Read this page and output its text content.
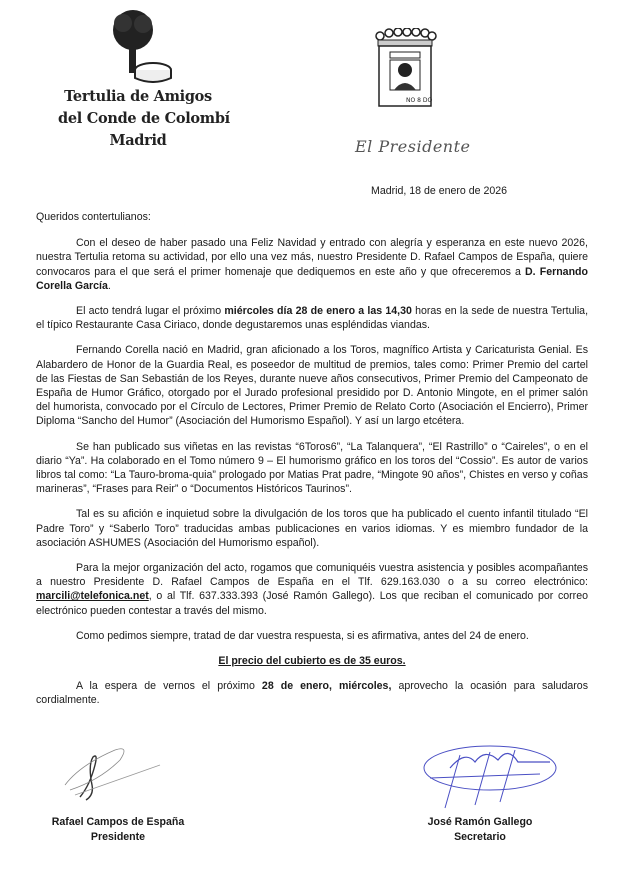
Tertulia de Amigos
del Conde de Colombí
Madrid
NO 8 DO
El Presidente
Madrid, 18 de enero de 2026

Queridos contertulianos:

Con el deseo de haber pasado una Feliz Navidad y entrado con alegría y esperanza en este nuevo 2026, nuestra Tertulia retoma su actividad, por ello una vez más, nuestro Presidente D. Rafael Campos de España, quiere convocaros para el que será el primer homenaje que dediquemos en este año y que ofreceremos a D. Fernando Corella García.

El acto tendrá lugar el próximo miércoles día 28 de enero a las 14,30 horas en la sede de nuestra Tertulia, el típico Restaurante Casa Ciriaco, donde degustaremos unas espléndidas viandas.

Fernando Corella nació en Madrid, gran aficionado a los Toros, magnífico Artista y Caricaturista Genial. Es Alabardero de Honor de la Guardia Real, es poseedor de multitud de premios, tales como: Primer Premio del cartel de las Fiestas de San Sebastián de los Reyes, durante nueve años consecutivos, Primer Premio del Campeonato de España de Humor Gráfico, otorgado por el Jurado profesional presidido por D. Antonio Mingote, en el primer salón del humorista, convocado por el Círculo de Lectores, Primer Premio de Relato Corto (Asociación el Encierro), Primer Diploma “Sancho del Humor” (Asociación del Humorismo Español). Y así un largo etcétera.

Se han publicado sus viñetas en las revistas “6Toros6”, “La Talanquera”, “El Rastrillo” o “Caireles”, o en el diario “Ya”. Ha colaborado en el Tomo número 9 – El humorismo gráfico en los toros del “Cossio”. Es autor de varios libros tal como: “La Tauro-broma-quia” prologado por Matias Prat padre, “Mingote 90 años”, Chistes en verso y coñas marineras”, “Frases para Reir” o “Documentos Históricos Taurinos”.

Tal es su afición e inquietud sobre la divulgación de los toros que ha publicado el cuento infantil titulado “El Padre Toro” y “Saberlo Toro” traducidas ambas publicaciones en varios idiomas. Y es miembro fundador de la asociación ASHUMES (Asociación del Humorismo español).

Para la mejor organización del acto, rogamos que comuniquéis vuestra asistencia y posibles acompañantes a nuestro Presidente D. Rafael Campos de España en el Tlf. 629.163.030 o a su correo electrónico: marcili@telefonica.net, o al Tlf. 637.333.393 (José Ramón Gallego). Los que reciban el comunicado por correo electrónico pueden contestar a través del mismo.

Como pedimos siempre, tratad de dar vuestra respuesta, si es afirmativa, antes del 24 de enero.

El precio del cubierto es de 35 euros.

A la espera de vernos el próximo 28 de enero, miércoles, aprovecho la ocasión para saludaros cordialmente.

Rafael Campos de España
Presidente
José Ramón Gallego
Secretario
